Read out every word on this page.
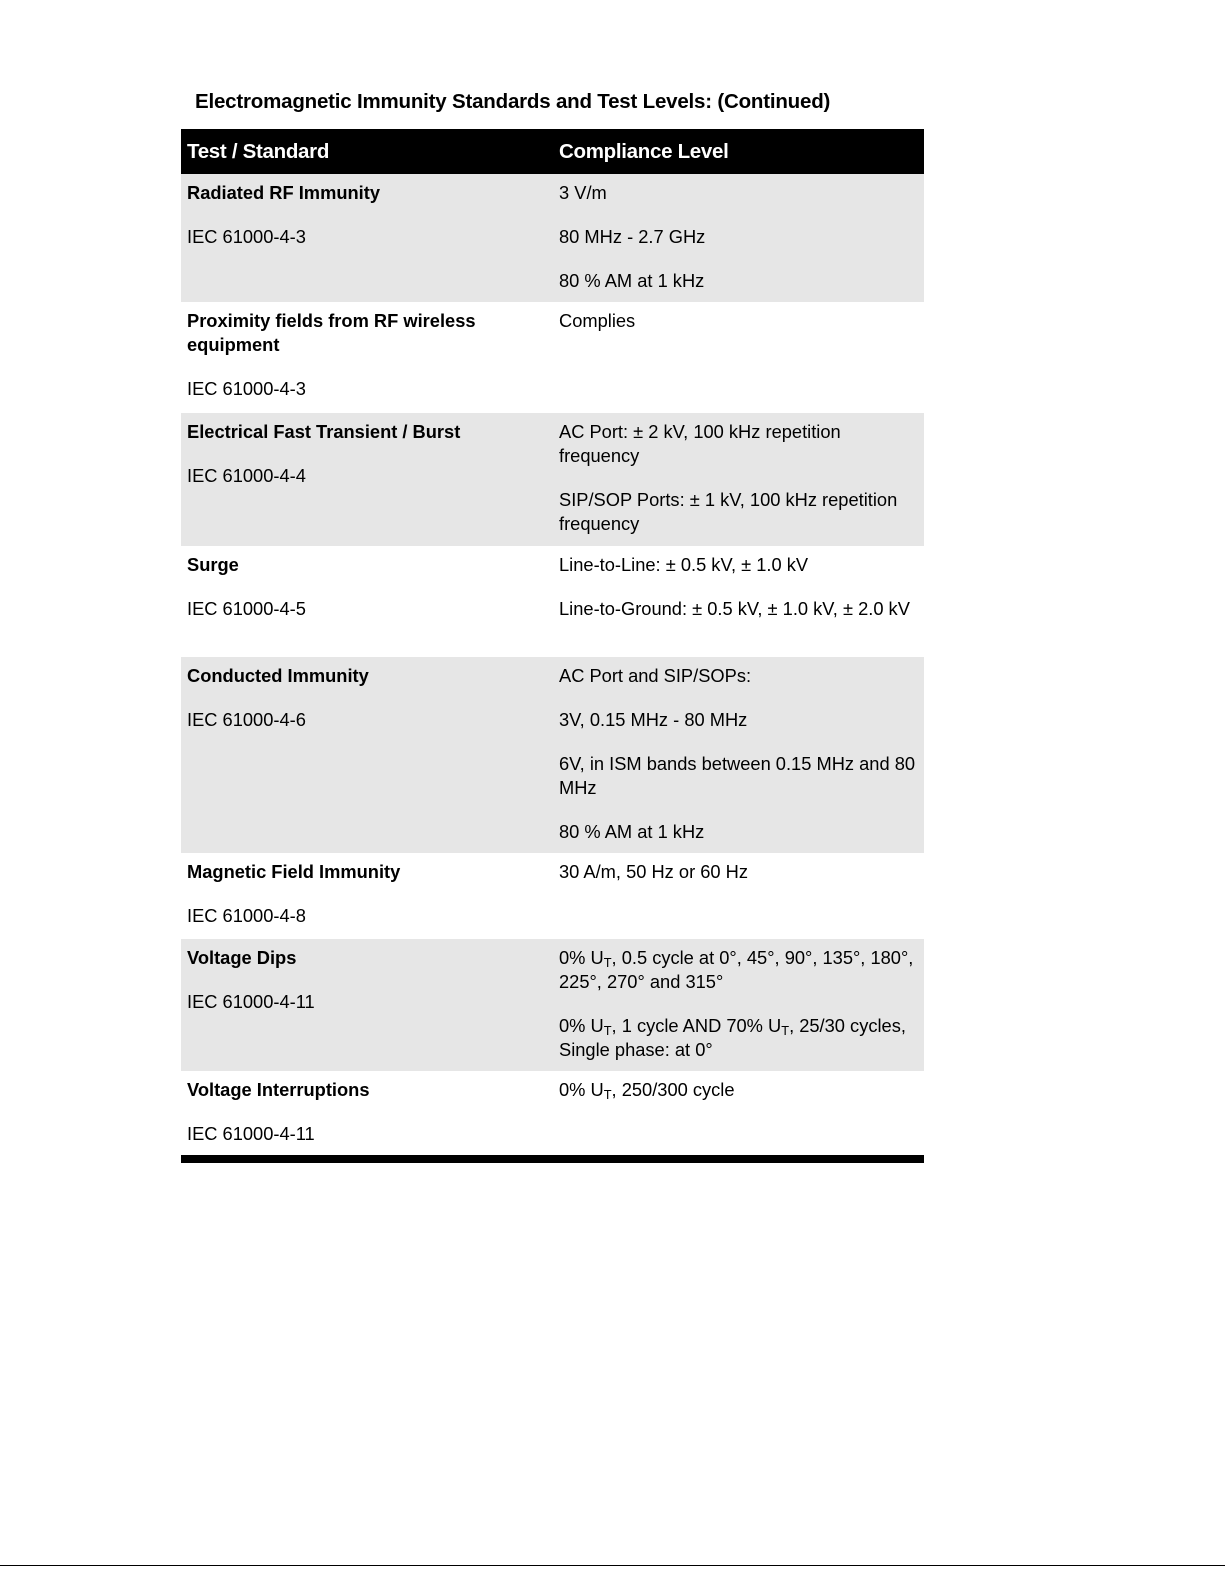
Electromagnetic Immunity Standards and Test Levels: (Continued)
Test / Standard	Compliance Level

Radiated RF Immunity

IEC 61000-4-3

3 V/m

80 MHz - 2.7 GHz

80 % AM at 1 kHz

Proximity fields from RF wireless equipment

IEC 61000-4-3

Complies

Electrical Fast Transient / Burst

IEC 61000-4-4

AC Port: ± 2 kV, 100 kHz repetition frequency

SIP/SOP Ports: ± 1 kV, 100 kHz repetition frequency

Surge

IEC 61000-4-5

Line-to-Line: ± 0.5 kV, ± 1.0 kV

Line-to-Ground: ± 0.5 kV, ± 1.0 kV, ± 2.0 kV

Conducted Immunity

IEC 61000-4-6

AC Port and SIP/SOPs:

3V, 0.15 MHz - 80 MHz

6V, in ISM bands between 0.15 MHz and 80 MHz

80 % AM at 1 kHz

Magnetic Field Immunity

IEC 61000-4-8

30 A/m, 50 Hz or 60 Hz

Voltage Dips

IEC 61000-4-11

0% $U_T$, 0.5 cycle at 0°, 45°, 90°, 135°, 180°, 225°, 270° and 315°

0% $U_T$, 1 cycle AND 70% $U_T$, 25/30 cycles, Single phase: at 0°

Voltage Interruptions

IEC 61000-4-11

0% $U_T$, 250/300 cycle
